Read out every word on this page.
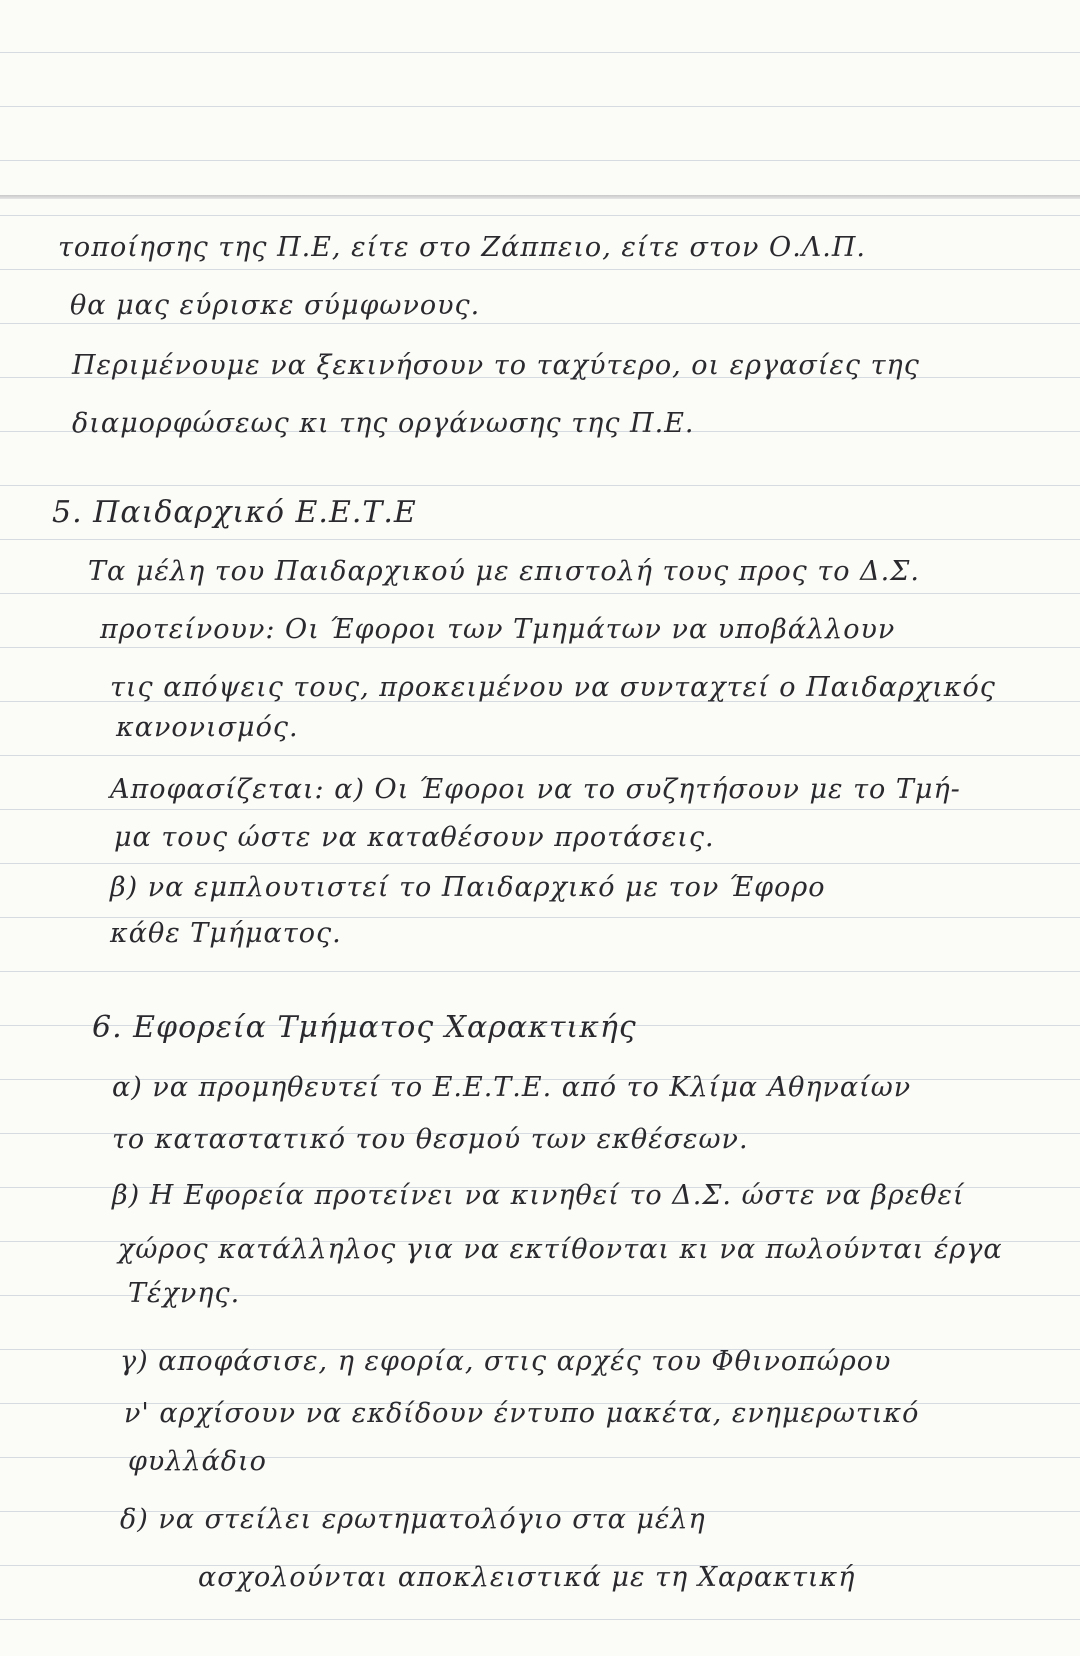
τοποίησης της Π.Ε, είτε στο Ζάππειο, είτε στον Ο.Λ.Π.
θα μας εύρισκε σύμφωνους.
Περιμένουμε να ξεκινήσουν το ταχύτερο, οι εργασίες της
διαμορφώσεως κι της οργάνωσης της Π.Ε.
5. Παιδαρχικό Ε.Ε.Τ.Ε
Τα μέλη του Παιδαρχικού με επιστολή τους προς το Δ.Σ.
προτείνουν: Οι Έφοροι των Τμημάτων να υποβάλλουν
τις απόψεις τους, προκειμένου να συνταχτεί ο Παιδαρχικός
κανονισμός.
Αποφασίζεται: α) Οι Έφοροι να το συζητήσουν με το Τμή-
μα τους ώστε να καταθέσουν προτάσεις.
β) να εμπλουτιστεί το Παιδαρχικό με τον Έφορο
κάθε Τμήματος.
6. Εφορεία Τμήματος Χαρακτικής
α) να προμηθευτεί το Ε.Ε.Τ.Ε. από το Κλίμα Αθηναίων
το καταστατικό του θεσμού των εκθέσεων.
β) Η Εφορεία προτείνει να κινηθεί το Δ.Σ. ώστε να βρεθεί
χώρος κατάλληλος για να εκτίθονται κι να πωλούνται έργα
Τέχνης.
γ) αποφάσισε, η εφορία, στις αρχές του Φθινοπώρου
ν' αρχίσουν να εκδίδουν έντυπο μακέτα, ενημερωτικό
φυλλάδιο
δ) να στείλει ερωτηματολόγιο στα μέλη
ασχολούνται αποκλειστικά με τη Χαρακτική
